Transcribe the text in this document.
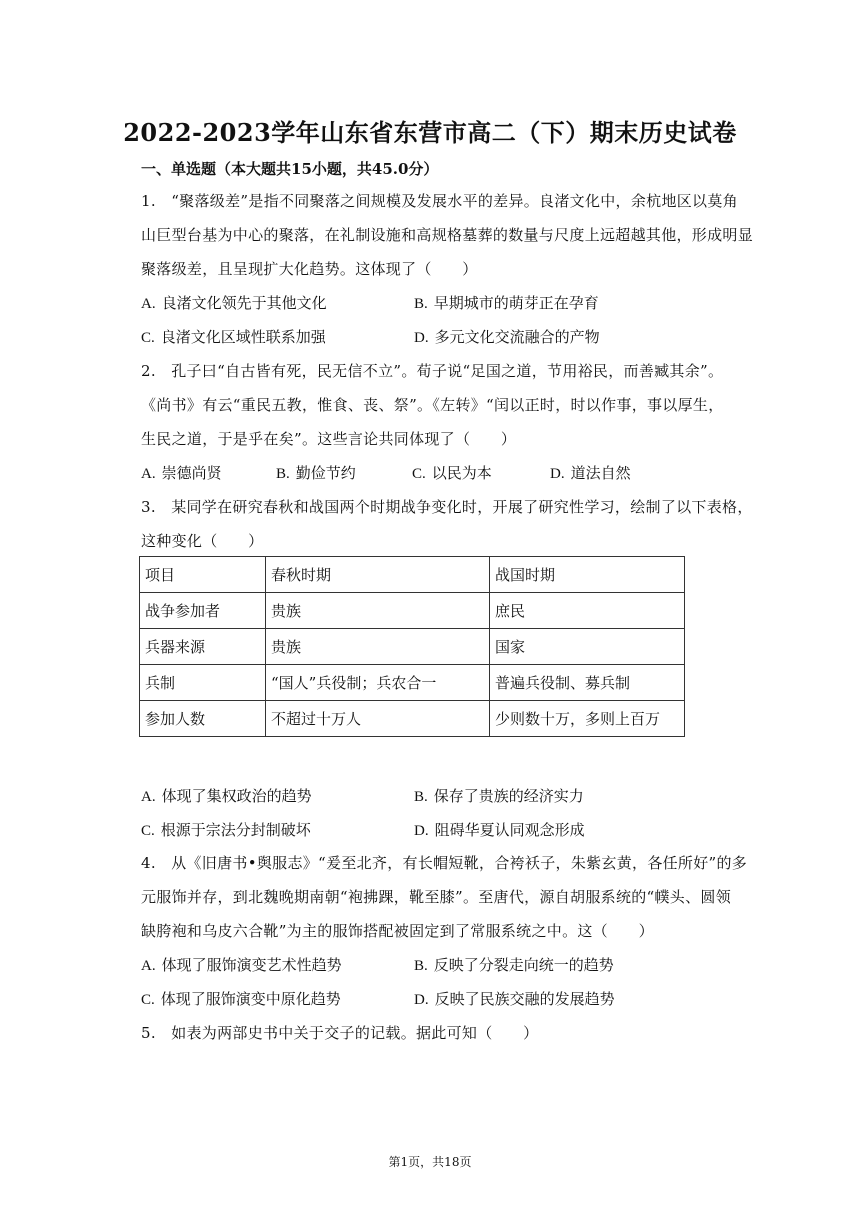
2022-2023学年山东省东营市高二（下）期末历史试卷
一、单选题（本大题共15小题，共45.0分）
1.　“聚落级差”是指不同聚落之间规模及发展水平的差异。良渚文化中，余杭地区以莫角
山巨型台基为中心的聚落，在礼制设施和高规格墓葬的数量与尺度上远超越其他，形成明显
聚落级差，且呈现扩大化趋势。这体现了（　　）
A. 良渚文化领先于其他文化	B. 早期城市的萌芽正在孕育
C. 良渚文化区域性联系加强	D. 多元文化交流融合的产物
2.　孔子曰“自古皆有死，民无信不立”。荀子说“足国之道，节用裕民，而善臧其余”。
《尚书》有云“重民五教，惟食、丧、祭”。《左转》“闰以正时，时以作事，事以厚生，
生民之道，于是乎在矣”。这些言论共同体现了（　　）
A. 崇德尚贤	B. 勤俭节约	C. 以民为本	D. 道法自然
3.　某同学在研究春秋和战国两个时期战争变化时，开展了研究性学习，绘制了以下表格，
这种变化（　　）
项目	春秋时期	战国时期
战争参加者	贵族	庶民
兵器来源	贵族	国家
兵制	“国人”兵役制；兵农合一	普遍兵役制、募兵制
参加人数	不超过十万人	少则数十万，多则上百万
A. 体现了集权政治的趋势	B. 保存了贵族的经济实力
C. 根源于宗法分封制破坏	D. 阻碍华夏认同观念形成
4.　从《旧唐书•舆服志》“爰至北齐，有长帽短靴，合袴袄子，朱紫玄黄，各任所好”的多
元服饰并存，到北魏晚期南朝“袍拂踝，靴至膝”。至唐代，源自胡服系统的“幞头、圆领
缺胯袍和乌皮六合靴”为主的服饰搭配被固定到了常服系统之中。这（　　）
A. 体现了服饰演变艺术性趋势	B. 反映了分裂走向统一的趋势
C. 体现了服饰演变中原化趋势	D. 反映了民族交融的发展趋势
5.　如表为两部史书中关于交子的记载。据此可知（　　）
第1页，共18页
